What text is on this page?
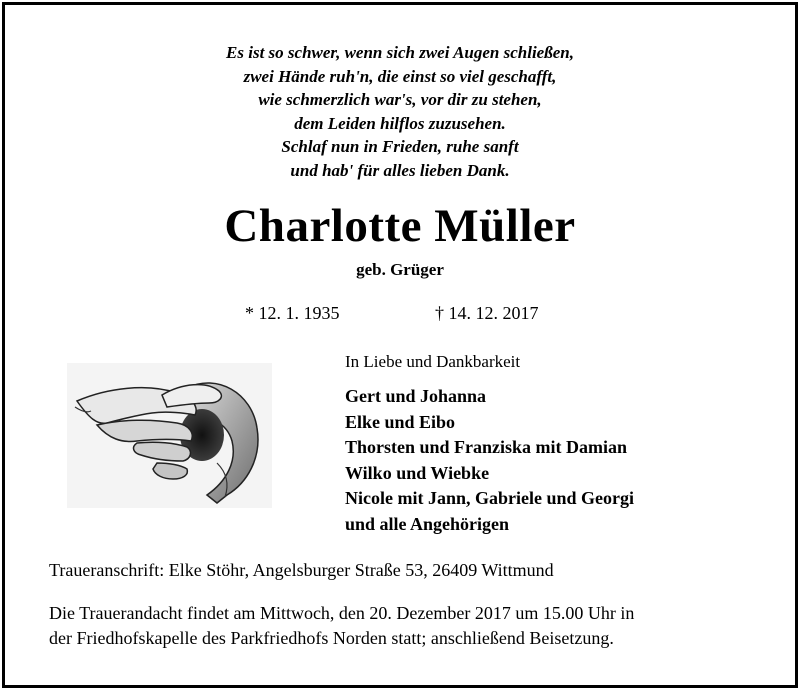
Es ist so schwer, wenn sich zwei Augen schließen,
zwei Hände ruh'n, die einst so viel geschafft,
wie schmerzlich war's, vor dir zu stehen,
dem Leiden hilflos zuzusehen.
Schlaf nun in Frieden, ruhe sanft
und hab' für alles lieben Dank.
Charlotte Müller
geb. Grüger
* 12. 1. 1935	† 14. 12. 2017
In Liebe und Dankbarkeit
Gert und Johanna
Elke und Eibo
Thorsten und Franziska mit Damian
Wilko und Wiebke
Nicole mit Jann, Gabriele und Georgi
und alle Angehörigen
Traueranschrift: Elke Stöhr, Angelsburger Straße 53, 26409 Wittmund
Die Trauerandacht findet am Mittwoch, den 20. Dezember 2017 um 15.00 Uhr in
der Friedhofskapelle des Parkfriedhofs Norden statt; anschließend Beisetzung.
